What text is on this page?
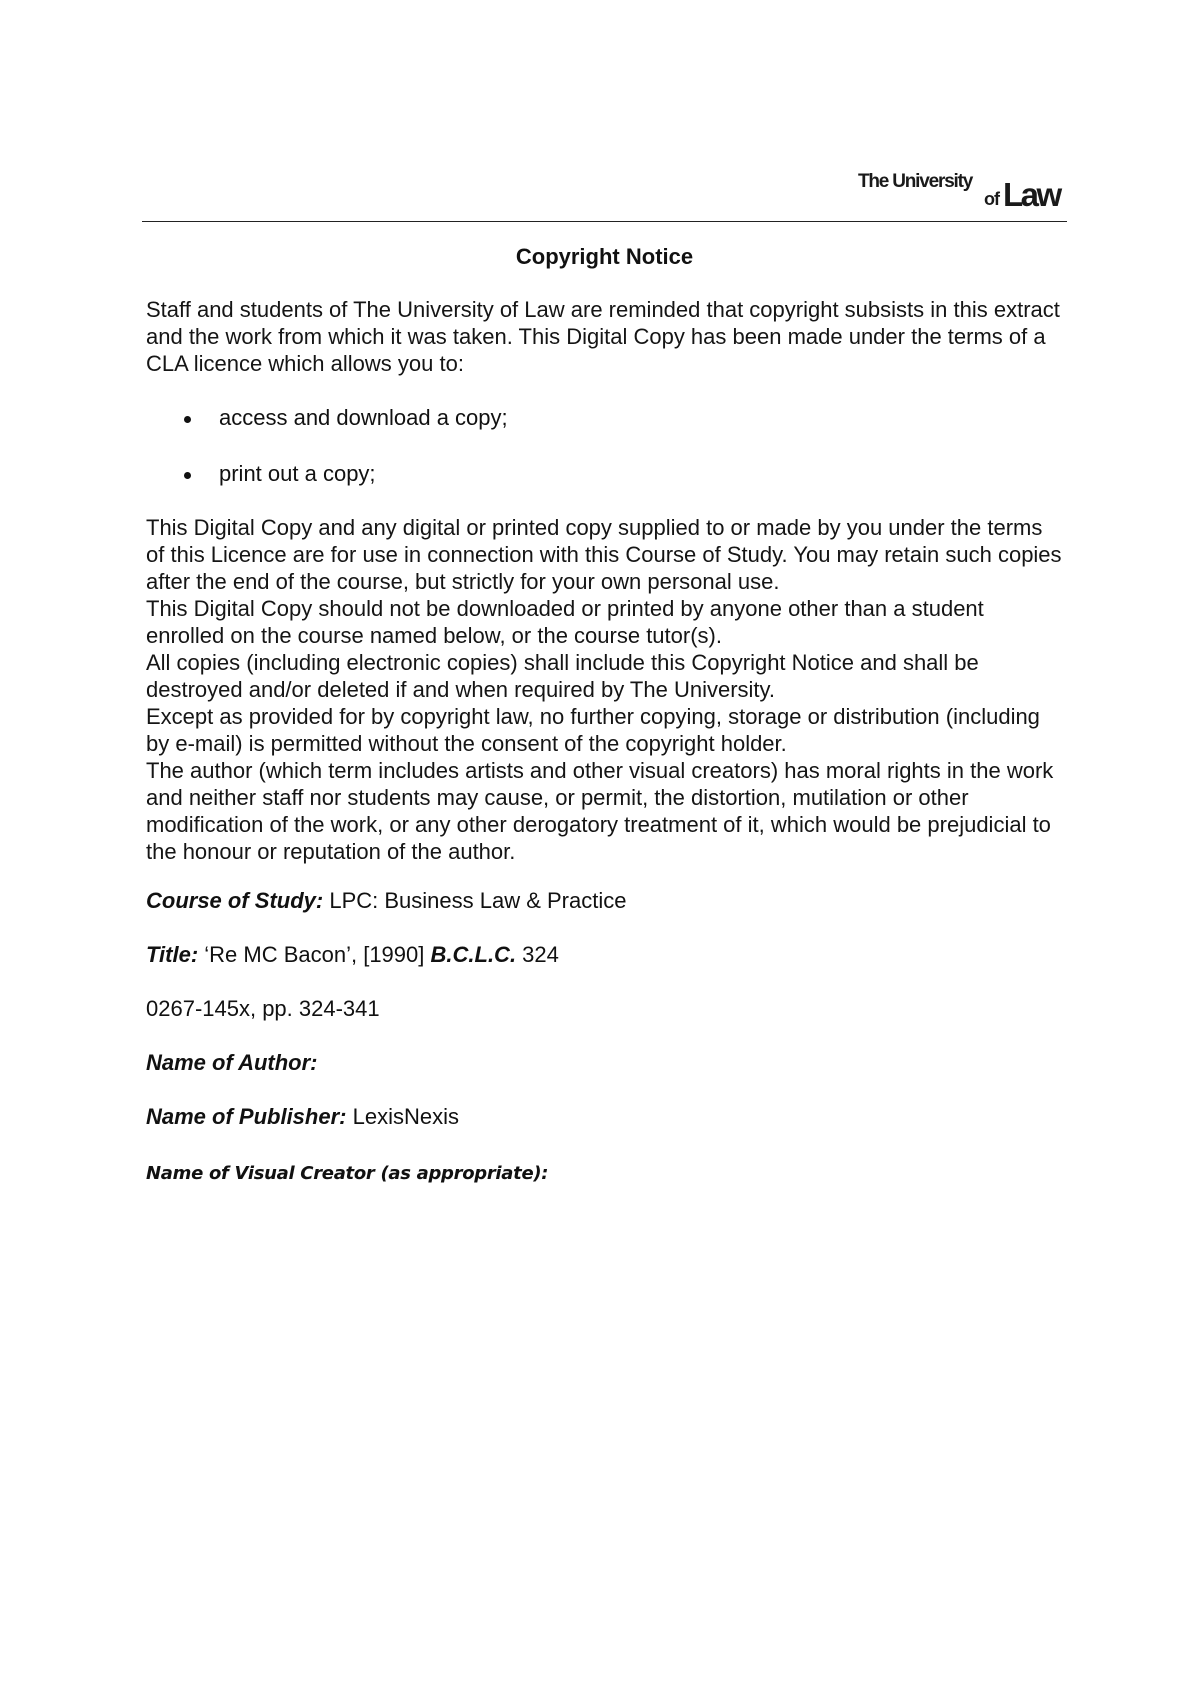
The University
of Law
Copyright Notice
Staff and students of The University of Law are reminded that copyright subsists in this extract and the work from which it was taken. This Digital Copy has been made under the terms of a CLA licence which allows you to:
access and download a copy;
print out a copy;

This Digital Copy and any digital or printed copy supplied to or made by you under the terms of this Licence are for use in connection with this Course of Study. You may retain such copies after the end of the course, but strictly for your own personal use.

This Digital Copy should not be downloaded or printed by anyone other than a student enrolled on the course named below, or the course tutor(s).

All copies (including electronic copies) shall include this Copyright Notice and shall be destroyed and/or deleted if and when required by The University.

Except as provided for by copyright law, no further copying, storage or distribution (including by e-mail) is permitted without the consent of the copyright holder.

The author (which term includes artists and other visual creators) has moral rights in the work and neither staff nor students may cause, or permit, the distortion, mutilation or other modification of the work, or any other derogatory treatment of it, which would be prejudicial to the honour or reputation of the author.

Course of Study: LPC: Business Law & Practice
Title: ‘Re MC Bacon’, [1990] B.C.L.C. 324
0267-145x, pp. 324-341
Name of Author:
Name of Publisher: LexisNexis
Name of Visual Creator (as appropriate):
